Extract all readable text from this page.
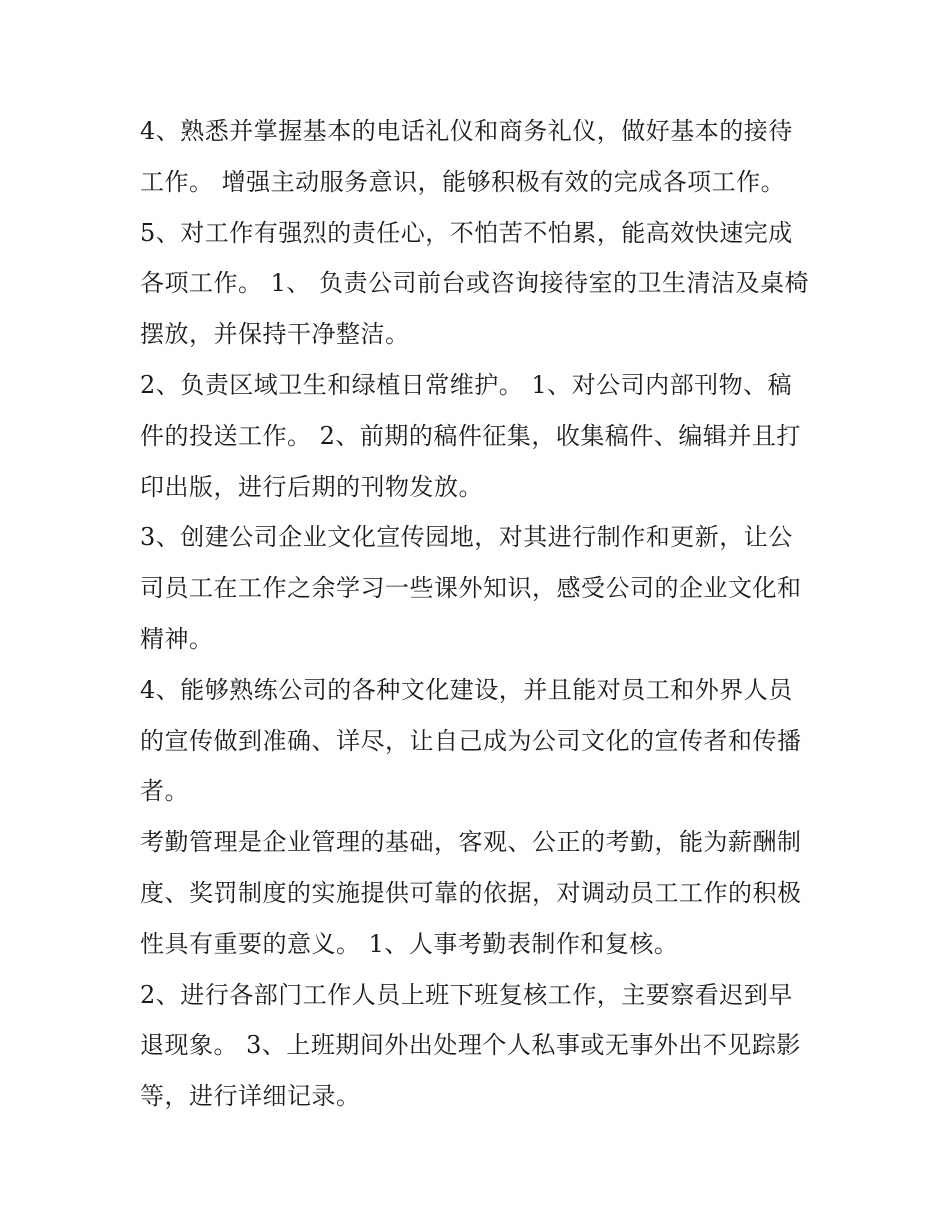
4、熟悉并掌握基本的电话礼仪和商务礼仪，做好基本的接待工作。 增强主动服务意识，能够积极有效的完成各项工作。

5、对工作有强烈的责任心，不怕苦不怕累，能高效快速完成各项工作。 1、 负责公司前台或咨询接待室的卫生清洁及桌椅摆放，并保持干净整洁。

2、负责区域卫生和绿植日常维护。 1、对公司内部刊物、稿件的投送工作。 2、前期的稿件征集，收集稿件、编辑并且打印出版，进行后期的刊物发放。

3、创建公司企业文化宣传园地，对其进行制作和更新，让公司员工在工作之余学习一些课外知识，感受公司的企业文化和精神。

4、能够熟练公司的各种文化建设，并且能对员工和外界人员的宣传做到准确、详尽，让自己成为公司文化的宣传者和传播者。

考勤管理是企业管理的基础，客观、公正的考勤，能为薪酬制度、奖罚制度的实施提供可靠的依据，对调动员工工作的积极性具有重要的意义。 1、人事考勤表制作和复核。

2、进行各部门工作人员上班下班复核工作，主要察看迟到早退现象。 3、上班期间外出处理个人私事或无事外出不见踪影等，进行详细记录。
